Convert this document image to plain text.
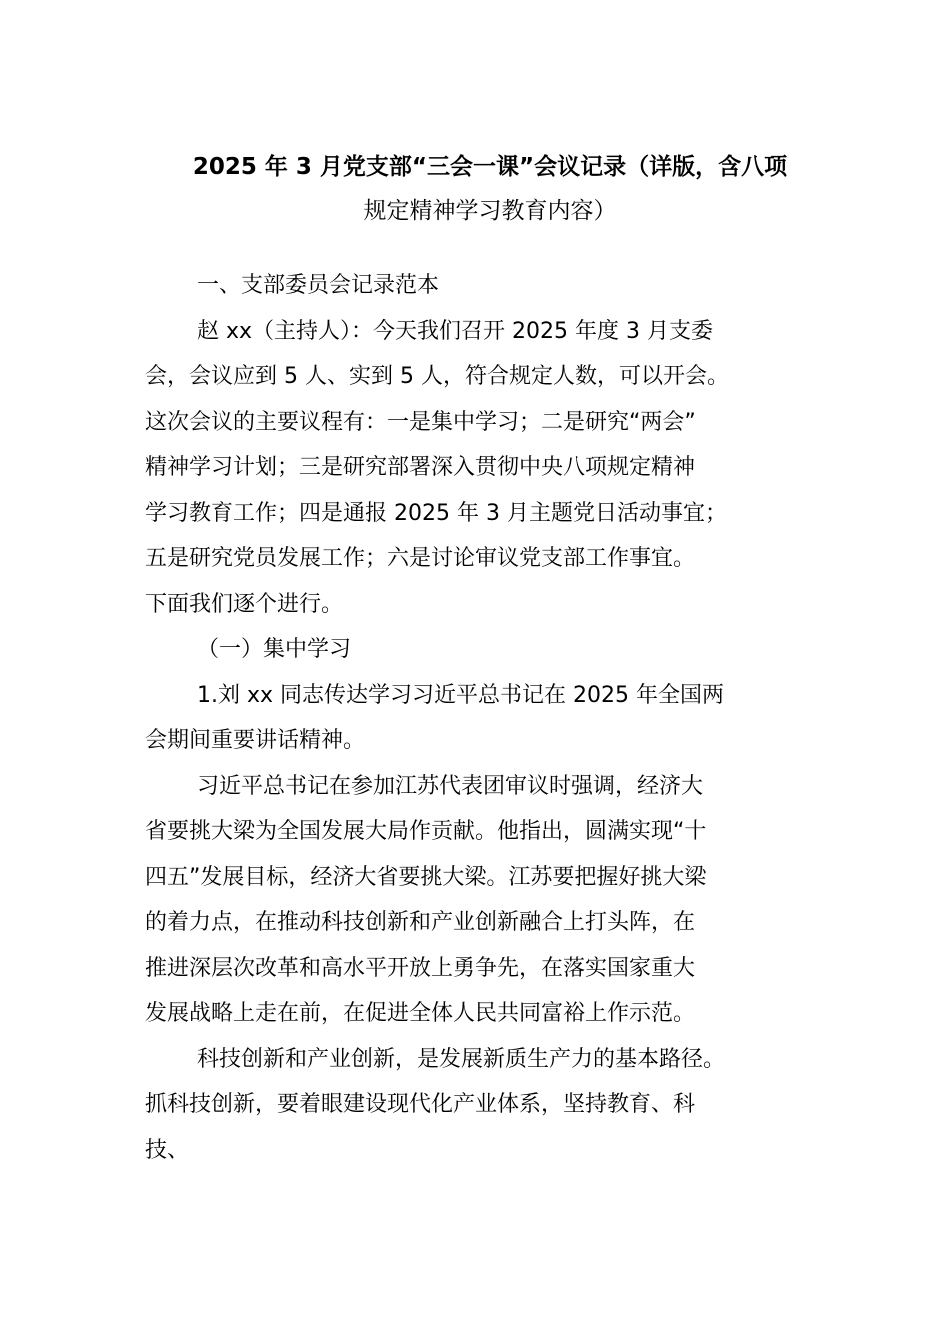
2025 年 3 月党支部“三会一课”会议记录（详版，含八项
规定精神学习教育内容）

一、支部委员会记录范本

赵 xx（主持人）：今天我们召开 2025 年度 3 月支委
会，会议应到 5 人、实到 5 人，符合规定人数，可以开会。
这次会议的主要议程有：一是集中学习；二是研究“两会”
精神学习计划；三是研究部署深入贯彻中央八项规定精神
学习教育工作；四是通报 2025 年 3 月主题党日活动事宜；
五是研究党员发展工作；六是讨论审议党支部工作事宜。
下面我们逐个进行。

（一）集中学习

1.刘 xx 同志传达学习习近平总书记在 2025 年全国两
会期间重要讲话精神。

习近平总书记在参加江苏代表团审议时强调，经济大
省要挑大梁为全国发展大局作贡献。他指出，圆满实现“十
四五”发展目标，经济大省要挑大梁。江苏要把握好挑大梁
的着力点，在推动科技创新和产业创新融合上打头阵，在
推进深层次改革和高水平开放上勇争先，在落实国家重大
发展战略上走在前，在促进全体人民共同富裕上作示范。

科技创新和产业创新，是发展新质生产力的基本路径。
抓科技创新，要着眼建设现代化产业体系，坚持教育、科
技、
